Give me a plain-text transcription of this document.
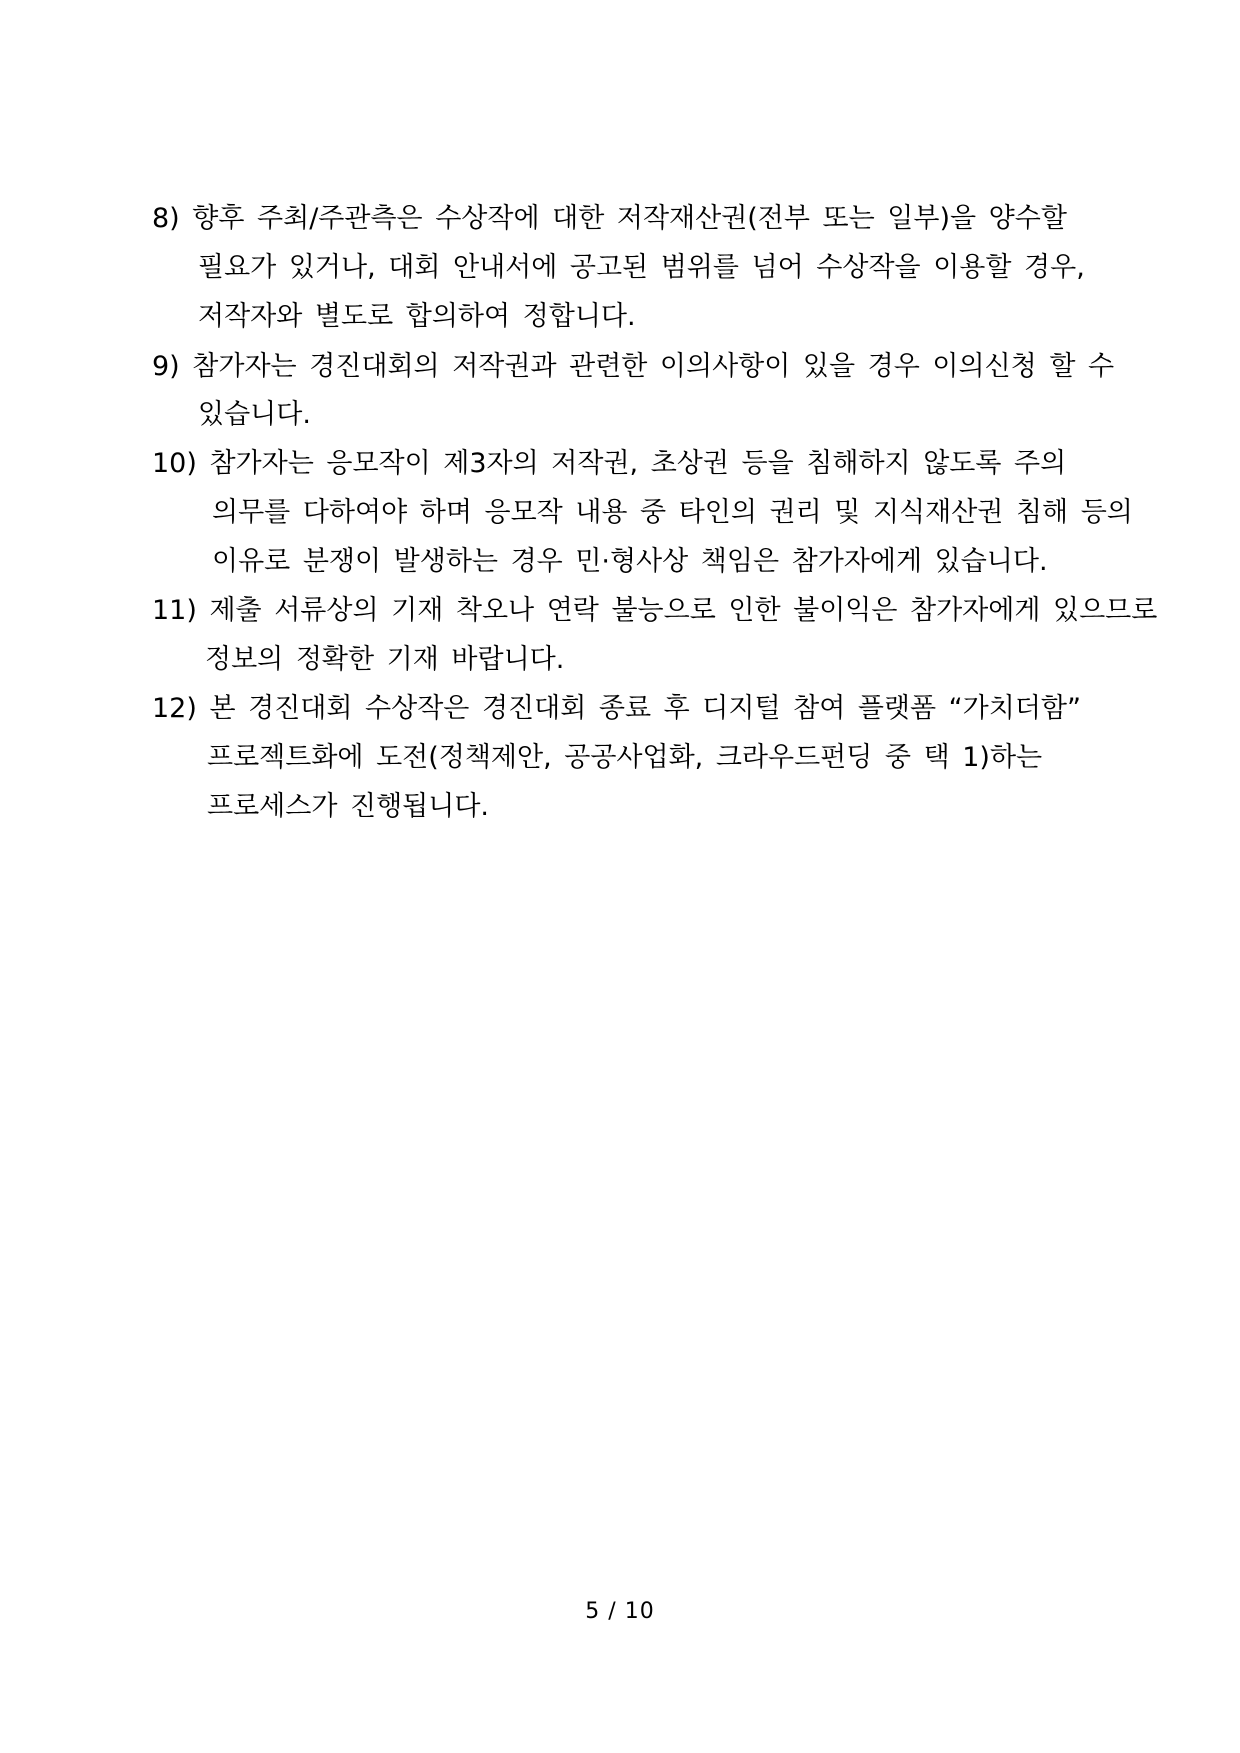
8) 향후 주최/주관측은 수상작에 대한 저작재산권(전부 또는 일부)을 양수할
필요가 있거나, 대회 안내서에 공고된 범위를 넘어 수상작을 이용할 경우,
저작자와 별도로 합의하여 정합니다.
9) 참가자는 경진대회의 저작권과 관련한 이의사항이 있을 경우 이의신청 할 수
있습니다.
10) 참가자는 응모작이 제3자의 저작권, 초상권 등을 침해하지 않도록 주의
의무를 다하여야 하며 응모작 내용 중 타인의 권리 및 지식재산권 침해 등의
이유로 분쟁이 발생하는 경우 민·형사상 책임은 참가자에게 있습니다.
11) 제출 서류상의 기재 착오나 연락 불능으로 인한 불이익은 참가자에게 있으므로
정보의 정확한 기재 바랍니다.
12) 본 경진대회 수상작은 경진대회 종료 후 디지털 참여 플랫폼 “가치더함”
프로젝트화에 도전(정책제안, 공공사업화, 크라우드펀딩 중 택 1)하는
프로세스가 진행됩니다.
5 / 10
